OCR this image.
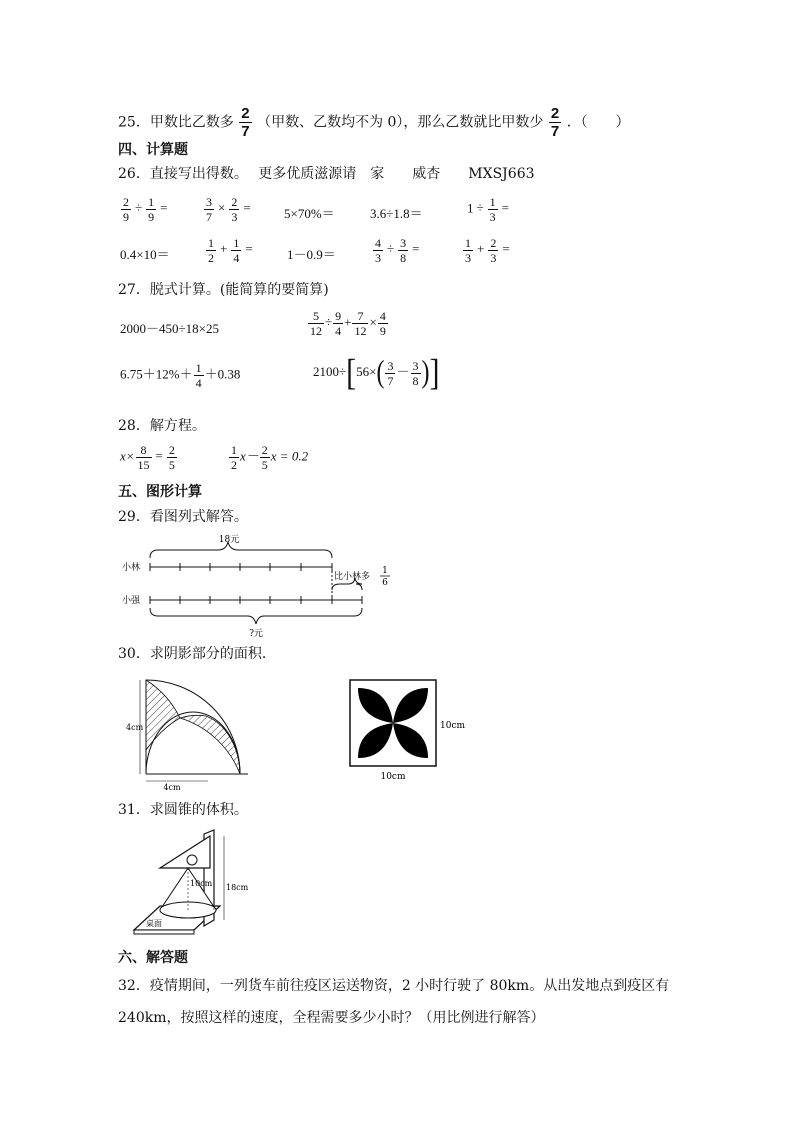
25．甲数比乙数多 $\frac{2}{7}$ （甲数、乙数均不为 0），那么乙数就比甲数少 $\frac{2}{7}$ ．（　　）
四、计算题
26．直接写出得数。 更多优质滋源请　家　　威杏　　MXSJ663
$\frac{2}{9} \div \frac{1}{9}$ =	$\frac{3}{7} \times \frac{2}{3}$ =	5×70%＝	3.6÷1.8＝	$1 \div \frac{1}{3}$ =
0.4×10＝	$\frac{1}{2} + \frac{1}{4}$ =	1－0.9＝	$\frac{4}{3} \div \frac{3}{8}$ =	$\frac{1}{3} + \frac{2}{3}$ =
27．脱式计算。(能简算的要简算)
2000－450÷18×25	$\frac{5}{12} \div \frac{9}{4} + \frac{7}{12} \times \frac{4}{9}$
$6.75+12\%+ \frac{1}{4} +0.38$	$2100\div[56\times( \frac{3}{7} - \frac{3}{8}$ )]
28．解方程。
$x\times \frac{8}{15} = \frac{2}{5}$	$\frac{1}{2} x- \frac{2}{5}$ x = 0.2
五、图形计算
29．看图列式解答。
18元
小林
比小林多
1
6
小强
?元
30．求阴影部分的面积．
4cm
4cm
10cm
10cm
31．求圆锥的体积。
桌面
10cm 18cm
六、解答题
32．疫情期间，一列货车前往疫区运送物资，2 小时行驶了 80km。从出发地点到疫区有
240km，按照这样的速度，全程需要多少小时？（用比例进行解答）
